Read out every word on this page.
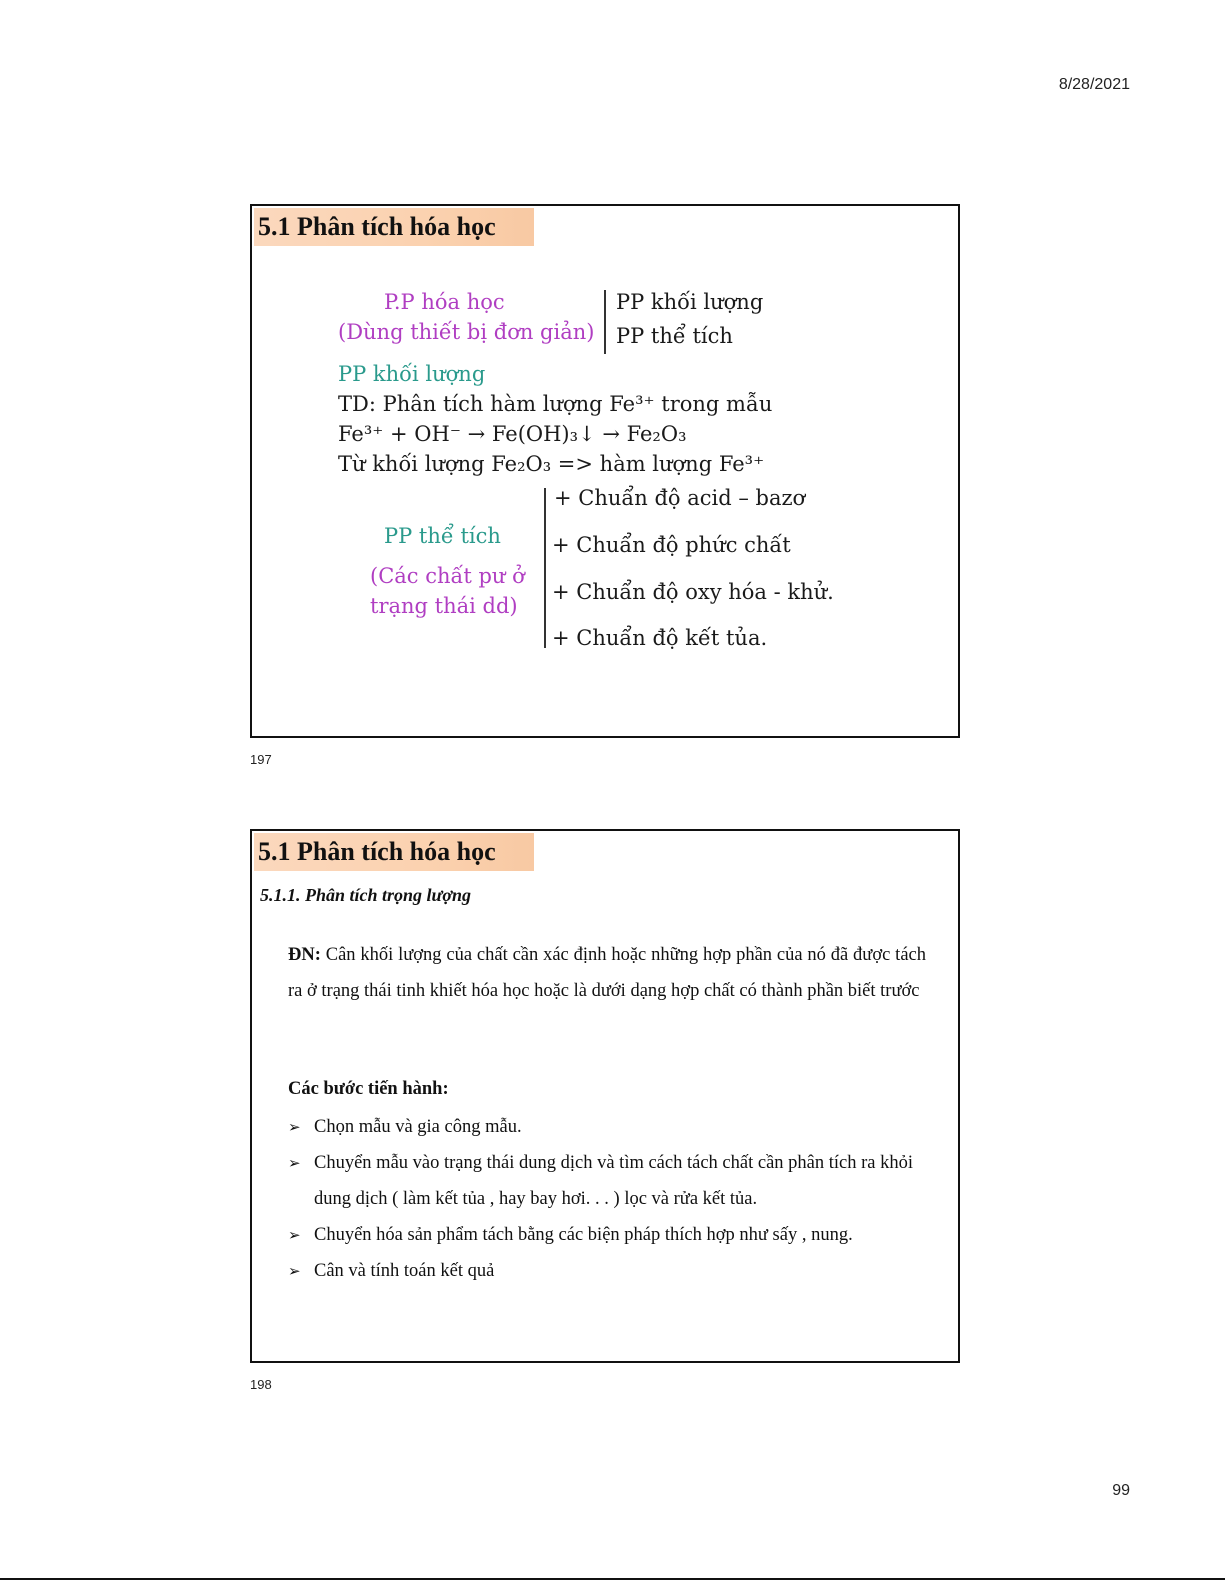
8/28/2021
5.1 Phân tích hóa học
P.P hóa học
(Dùng thiết bị đơn giản)
PP khối lượng
PP thể tích
PP khối lượng
TD: Phân tích hàm lượng Fe³⁺ trong mẫu
Fe³⁺ + OH⁻ → Fe(OH)₃↓ → Fe₂O₃
Từ khối lượng Fe₂O₃ => hàm lượng Fe³⁺
PP thể tích
(Các chất pư ở
trạng thái dd)
+ Chuẩn độ acid – bazơ
+ Chuẩn độ phức chất
+ Chuẩn độ oxy hóa - khử.
+ Chuẩn độ kết tủa.
197
5.1 Phân tích hóa học
5.1.1. Phân tích trọng lượng
ĐN: Cân khối lượng của chất cần xác định hoặc những hợp phần của nó đã được tách ra ở trạng thái tinh khiết hóa học hoặc là dưới dạng hợp chất có thành phần biết trước
Các bước tiến hành:
➢ Chọn mẫu và gia công mẫu.
➢ Chuyển mẫu vào trạng thái dung dịch và tìm cách tách chất cần phân tích ra khỏi dung dịch ( làm kết tủa , hay bay hơi. . . ) lọc và rửa kết tủa.
➢ Chuyển hóa sản phẩm tách bằng các biện pháp thích hợp như sấy , nung.
➢ Cân và tính toán kết quả
198
99
